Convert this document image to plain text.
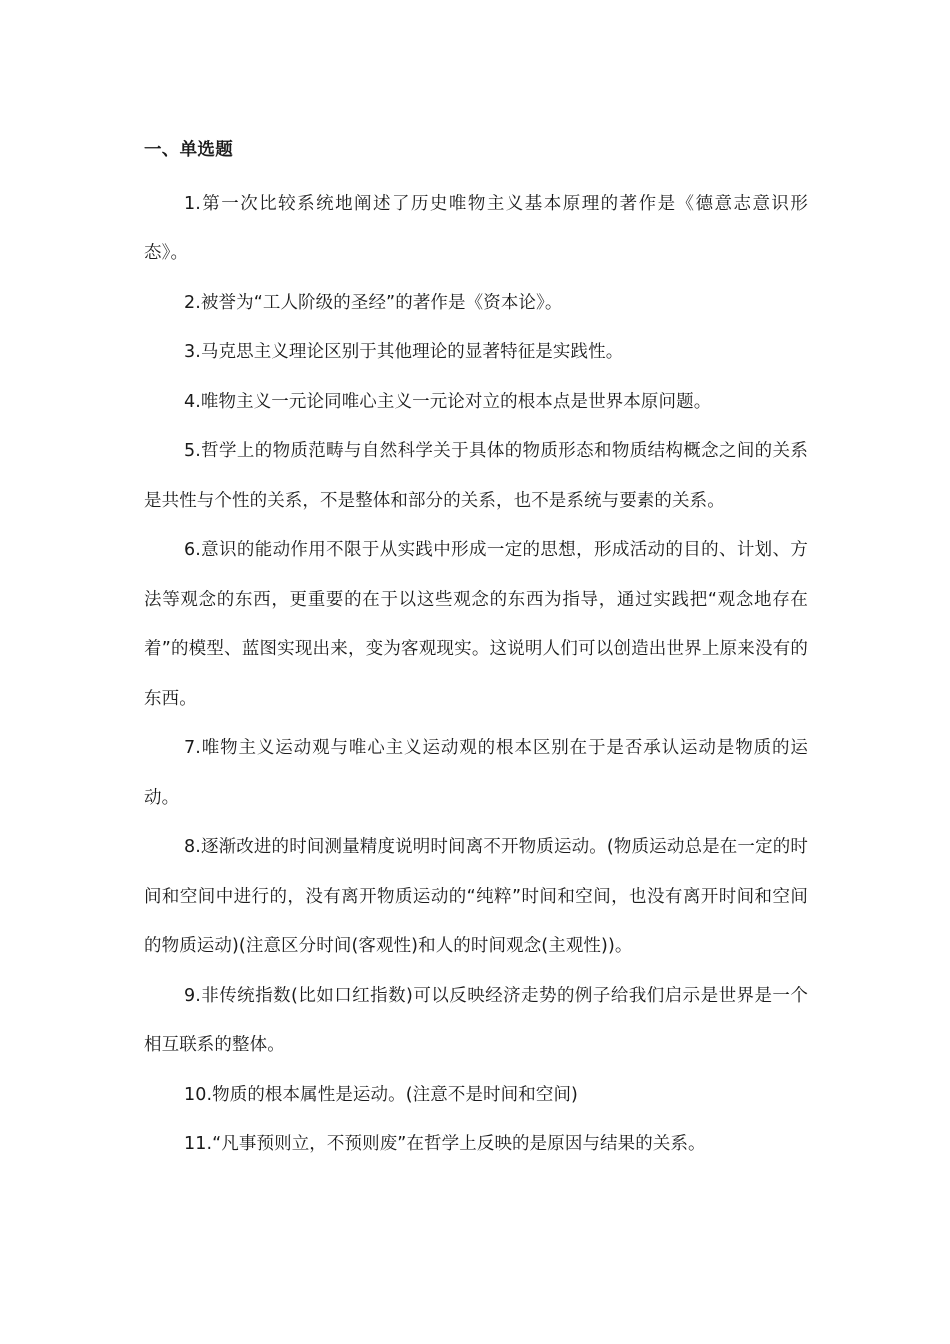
一、单选题

1.第一次比较系统地阐述了历史唯物主义基本原理的著作是《德意志意识形态》。

2.被誉为“工人阶级的圣经”的著作是《资本论》。

3.马克思主义理论区别于其他理论的显著特征是实践性。

4.唯物主义一元论同唯心主义一元论对立的根本点是世界本原问题。

5.哲学上的物质范畴与自然科学关于具体的物质形态和物质结构概念之间的关系是共性与个性的关系，不是整体和部分的关系，也不是系统与要素的关系。

6.意识的能动作用不限于从实践中形成一定的思想，形成活动的目的、计划、方法等观念的东西，更重要的在于以这些观念的东西为指导，通过实践把“观念地存在着”的模型、蓝图实现出来，变为客观现实。这说明人们可以创造出世界上原来没有的东西。

7.唯物主义运动观与唯心主义运动观的根本区别在于是否承认运动是物质的运动。

8.逐渐改进的时间测量精度说明时间离不开物质运动。(物质运动总是在一定的时间和空间中进行的，没有离开物质运动的“纯粹”时间和空间，也没有离开时间和空间的物质运动)(注意区分时间(客观性)和人的时间观念(主观性))。

9.非传统指数(比如口红指数)可以反映经济走势的例子给我们启示是世界是一个相互联系的整体。

10.物质的根本属性是运动。(注意不是时间和空间)

11.“凡事预则立，不预则废”在哲学上反映的是原因与结果的关系。
